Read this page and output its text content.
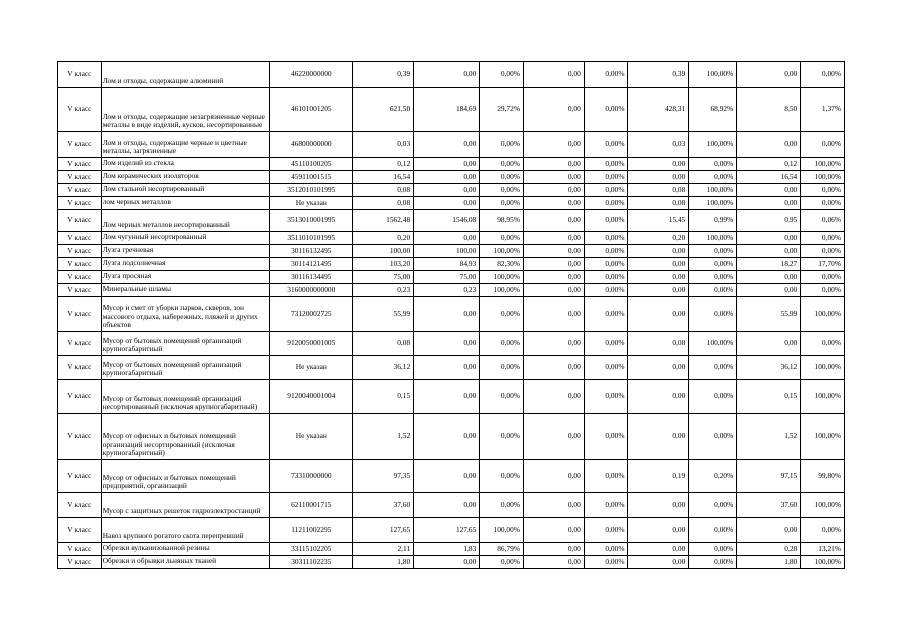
V класс	Лом и отходы, содержащие алюминий	46220000000	0,39	0,00	0,00%	0,00	0,00%	0,39	100,00%	0,00	0,00%
V класс	Лом и отходы, содержащие незагрязненные черные металлы в виде изделий, кусков, несортированные	46101001205	621,50	184,69	29,72%	0,00	0,00%	428,31	68,92%	8,50	1,37%
V класс	Лом и отходы, содержащие черные и цветные металлы, загрязненные	46800000000	0,03	0,00	0,00%	0,00	0,00%	0,03	100,00%	0,00	0,00%
V класс	Лом изделий из стекла	45110100205	0,12	0,00	0,00%	0,00	0,00%	0,00	0,00%	0,12	100,00%
V класс	Лом керамических изоляторов	45911001515	16,54	0,00	0,00%	0,00	0,00%	0,00	0,00%	16,54	100,00%
V класс	Лом стальной несортированный	3512010101995	0,08	0,00	0,00%	0,00	0,00%	0,08	100,00%	0,00	0,00%
V класс	лом черных металлов	Не указан	0,08	0,00	0,00%	0,00	0,00%	0,08	100,00%	0,00	0,00%
V класс	Лом черных металлов несортированный	3513010001995	1562,48	1546,08	98,95%	0,00	0,00%	15,45	0,99%	0,95	0,06%
V класс	Лом чугунный несортированный	3511010101995	0,20	0,00	0,00%	0,00	0,00%	0,20	100,00%	0,00	0,00%
V класс	Лузга гречневая	30116132495	100,00	100,00	100,00%	0,00	0,00%	0,00	0,00%	0,00	0,00%
V класс	Лузга подсолнечная	30114121495	103,20	84,93	82,30%	0,00	0,00%	0,00	0,00%	18,27	17,70%
V класс	Лузга просяная	30116134495	75,00	75,00	100,00%	0,00	0,00%	0,00	0,00%	0,00	0,00%
V класс	Минеральные шламы	3160000000000	0,23	0,23	100,00%	0,00	0,00%	0,00	0,00%	0,00	0,00%
V класс	Мусор и смет от уборки парков, скверов, зон массового отдыха, набережных, пляжей и других объектов	73120002725	55,99	0,00	0,00%	0,00	0,00%	0,00	0,00%	55,99	100,00%
V класс	Мусор от бытовых помещений организаций крупногабаритный	9120050001005	0,08	0,00	0,00%	0,00	0,00%	0,08	100,00%	0,00	0,00%
V класс	Мусор от бытовых помещений организаций крупногабаритный	Не указан	36,12	0,00	0,00%	0,00	0,00%	0,00	0,00%	36,12	100,00%
V класс	Мусор от бытовых помещений организаций несортированный (исключая крупногабаритный)	9120040001004	0,15	0,00	0,00%	0,00	0,00%	0,00	0,00%	0,15	100,00%
V класс	Мусор от офисных и бытовых помещений организаций несортированный (исключая крупногабаритный)	Не указан	1,52	0,00	0,00%	0,00	0,00%	0,00	0,00%	1,52	100,00%
V класс	Мусор от офисных и бытовых помещений предприятий, организаций	73310000000	97,35	0,00	0,00%	0,00	0,00%	0,19	0,20%	97,15	99,80%
V класс	Мусор с защитных решеток гидроэлектростанций	62110001715	37,60	0,00	0,00%	0,00	0,00%	0,00	0,00%	37,60	100,00%
V класс	Навоз крупного рогатого скота перепревший	11211002295	127,65	127,65	100,00%	0,00	0,00%	0,00	0,00%	0,00	0,00%
V класс	Обрезки вулканизованной резины	33115102205	2,11	1,83	86,79%	0,00	0,00%	0,00	0,00%	0,28	13,21%
V класс	Обрезки и обрывки льняных тканей	30311102235	1,80	0,00	0,00%	0,00	0,00%	0,00	0,00%	1,80	100,00%
